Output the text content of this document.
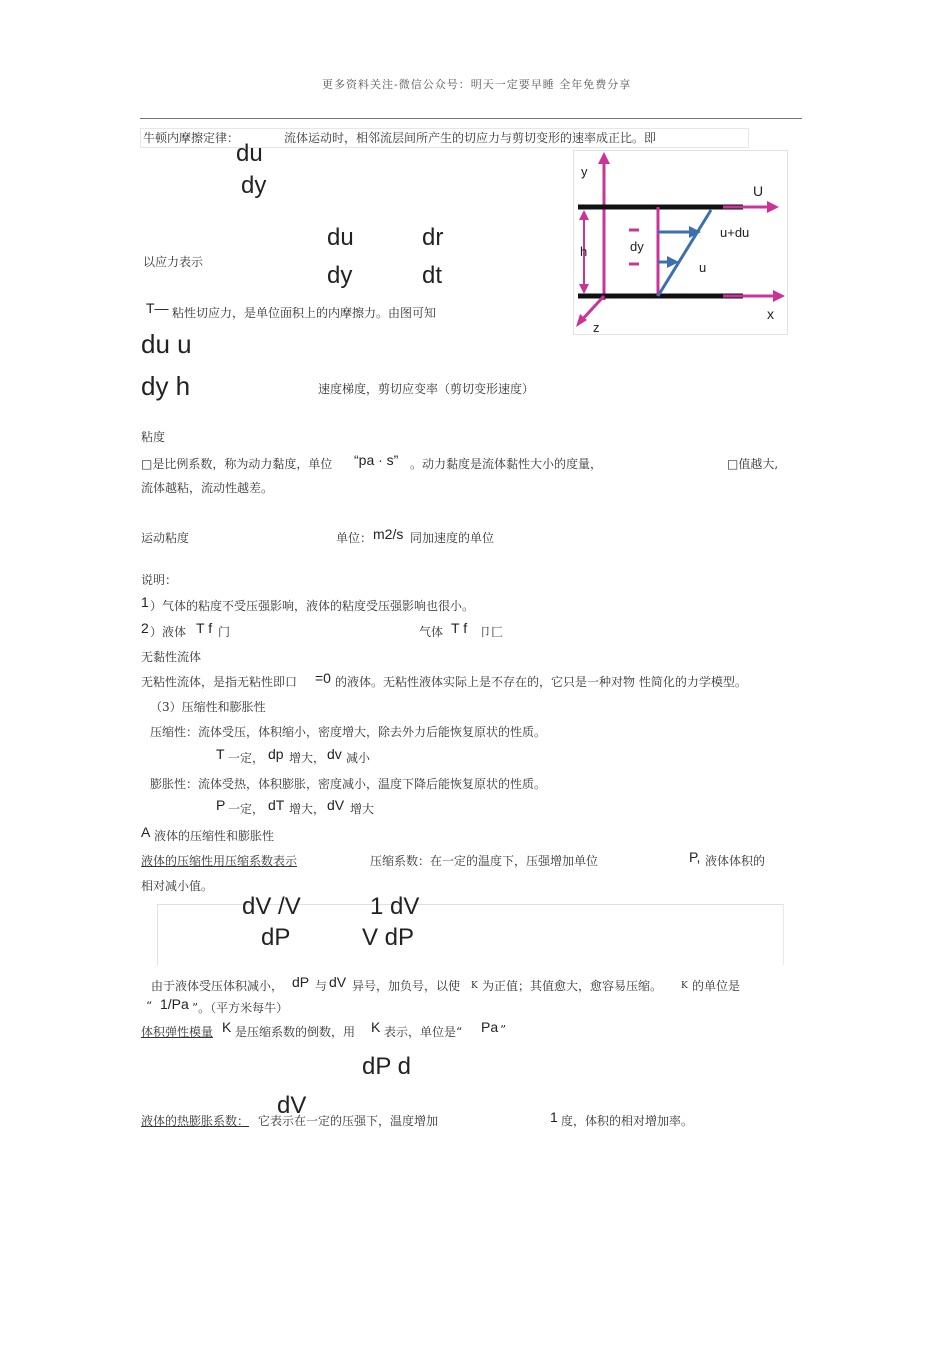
更多资料关注-微信公众号：明天一定要早睡 全年免费分享
牛顿内摩擦定律：	流体运动时，相邻流层间所产生的切应力与剪切变形的速率成正比。即
du
dy
以应力表示
du
dy
dr
dt
T— 粘性切应力，是单位面积上的内摩擦力。由图可知
du u
dy h	速度梯度，剪切应变率（剪切变形速度）
y
U
u+du
h	dy
u
z
x
粘度
□是比例系数，称为动力黏度，单位 “pa · s” 。动力黏度是流体黏性大小的度量，	□值越大,
流体越粘，流动性越差。
运动粘度	单位： m2/s 同加速度的单位
说明：
1 ）气体的粘度不受压强影响，液体的粘度受压强影响也很小。
2 ）液体 T f 门	气体 T f 卩匚
无黏性流体
无粘性流体，是指无粘性即口 =0 的液体。无粘性液体实际上是不存在的，它只是一种对物 性简化的力学模型。
（3）压缩性和膨胀性
压缩性：流体受压，体积缩小，密度增大，除去外力后能恢复原状的性质。
T 一定， dp 增大， dv 减小
膨胀性：流体受热，体积膨胀，密度减小，温度下降后能恢复原状的性质。
P 一定， dT 增大， dV 增大
A 液体的压缩性和膨胀性
液体的压缩性用压缩系数表示	压缩系数：在一定的温度下，压强增加单位	P, 液体体积的
相对减小值。
dV /V
dP
1 dV
V dP
由于液体受压体积减小， dP 与 dV 异号，加负号，以使 K 为正值；其值愈大，愈容易压缩。 K 的单位是
“ 1/Pa ”。（平方米每牛）
体积弹性模量 K 是压缩系数的倒数，用 K 表示，单位是“ Pa ”
dP d
dV
液体的热膨胀系数： 它表示在一定的压强下，温度增加	1 度，体积的相对增加率。
